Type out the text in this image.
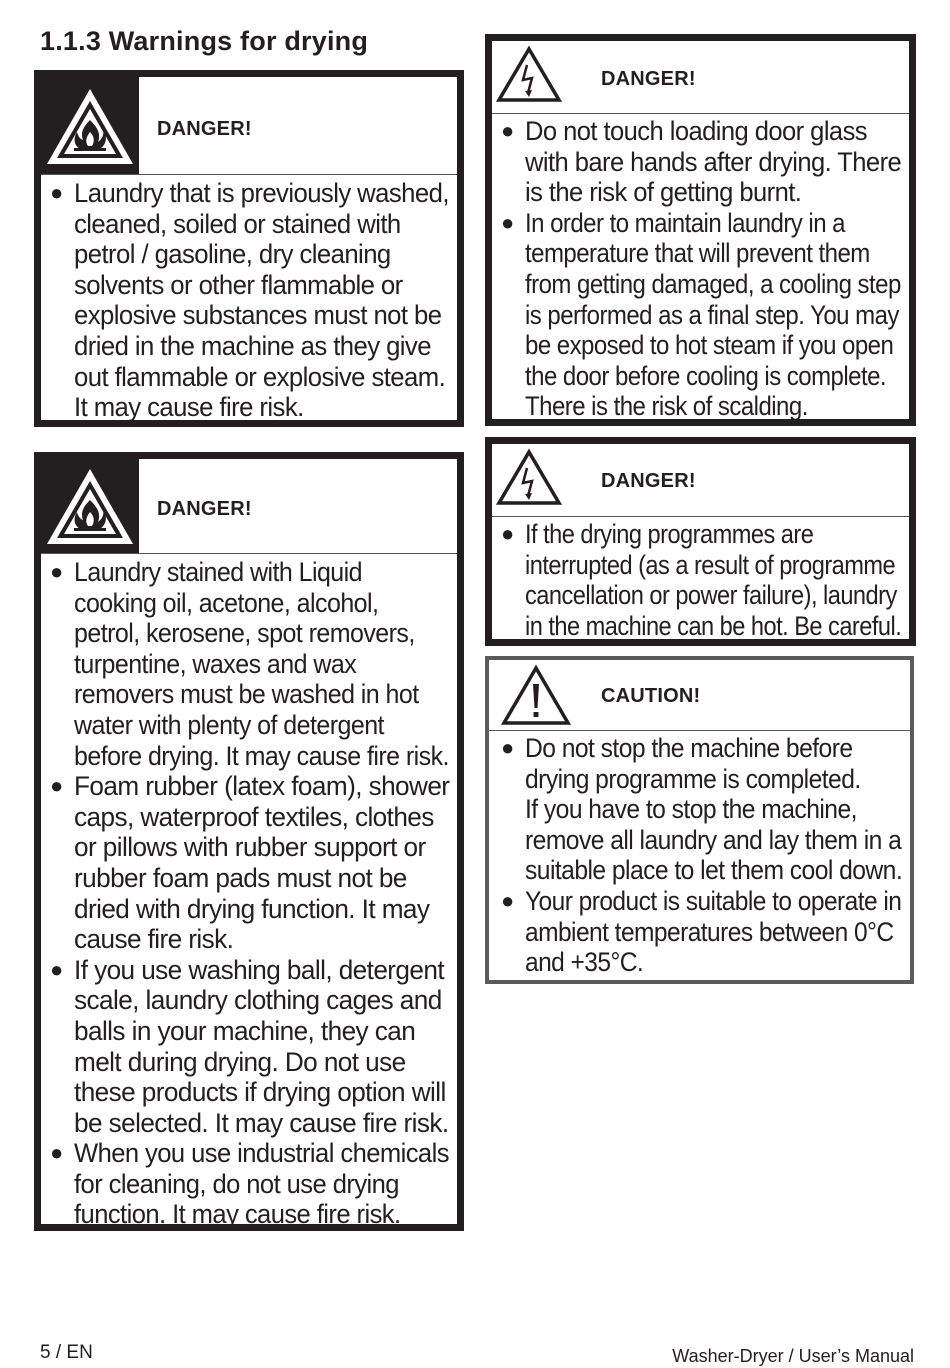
1.1.3 Warnings for drying
DANGER!
● Laundry that is previously washed,
cleaned, soiled or stained with
petrol / gasoline, dry cleaning
solvents or other flammable or
explosive substances must not be
dried in the machine as they give
out flammable or explosive steam.
It may cause fire risk.
DANGER!
● Laundry stained with Liquid
cooking oil, acetone, alcohol,
petrol, kerosene, spot removers,
turpentine, waxes and wax
removers must be washed in hot
water with plenty of detergent
before drying. It may cause fire risk.
● Foam rubber (latex foam), shower
caps, waterproof textiles, clothes
or pillows with rubber support or
rubber foam pads must not be
dried with drying function. It may
cause fire risk.
● If you use washing ball, detergent
scale, laundry clothing cages and
balls in your machine, they can
melt during drying. Do not use
these products if drying option will
be selected. It may cause fire risk.
● When you use industrial chemicals
for cleaning, do not use drying
function. It may cause fire risk.
DANGER!
● Do not touch loading door glass
with bare hands after drying. There
is the risk of getting burnt.
● In order to maintain laundry in a
temperature that will prevent them
from getting damaged, a cooling step
is performed as a final step. You may
be exposed to hot steam if you open
the door before cooling is complete.
There is the risk of scalding.
DANGER!
● If the drying programmes are
interrupted (as a result of programme
cancellation or power failure), laundry
in the machine can be hot. Be careful.
CAUTION!
● Do not stop the machine before
drying programme is completed.
If you have to stop the machine,
remove all laundry and lay them in a
suitable place to let them cool down.
● Your product is suitable to operate in
ambient temperatures between 0°C
and +35°C.
5 / EN	Washer-Dryer / User’s Manual
